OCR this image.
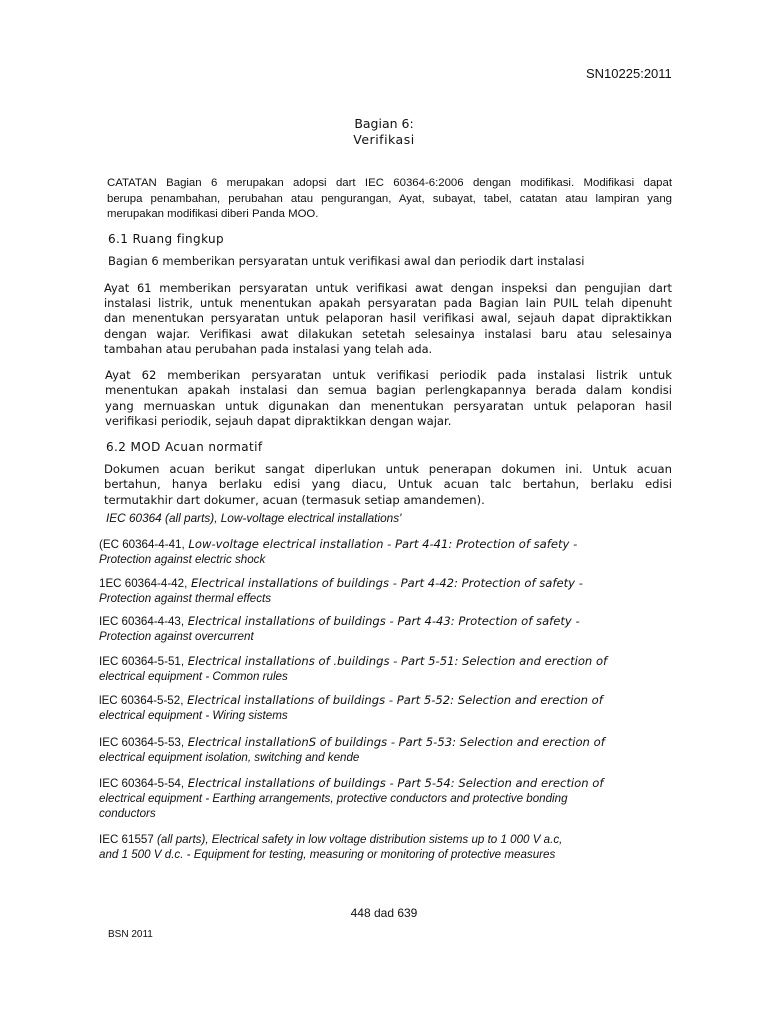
SN10225:2011
Bagian 6:
Verifikasi
CATATAN Bagian 6 merupakan adopsi dart IEC 60364-6:2006 dengan modifikasi. Modifikasi dapat
berupa penambahan, perubahan atau pengurangan, Ayat, subayat, tabel, catatan atau lampiran yang
merupakan modifikasi diberi Panda MOO.
6.1 Ruang fingkup
Bagian 6 memberikan persyaratan untuk verifikasi awal dan periodik dart instalasi
Ayat 61 memberikan persyaratan untuk verifikasi awat dengan inspeksi dan pengujian dart
instalasi listrik, untuk menentukan apakah persyaratan pada Bagian lain PUIL telah dipenuht
dan menentukan persyaratan untuk pelaporan hasil verifikasi awal, sejauh dapat dipraktikkan
dengan wajar. Verifikasi awat dilakukan setetah selesainya instalasi baru atau selesainya
tambahan atau perubahan pada instalasi yang telah ada.
Ayat 62 memberikan persyaratan untuk verifikasi periodik pada instalasi listrik untuk
menentukan apakah instalasi dan semua bagian perlengkapannya berada dalam kondisi
yang mernuaskan untuk digunakan dan menentukan persyaratan untuk pelaporan hasil
verifikasi periodik, sejauh dapat dipraktikkan dengan wajar.
6.2 MOD Acuan normatif
Dokumen acuan berikut sangat diperlukan untuk penerapan dokumen ini. Untuk acuan
bertahun, hanya berlaku edisi yang diacu, Untuk acuan talc bertahun, berlaku edisi
termutakhir dart dokumer, acuan (termasuk setiap amandemen).
IEC 60364 (all parts), Low-voltage electrical installations'
(EC 60364-4-41, Low-voltage electrical installation - Part 4-41: Protection of safety -
Protection against electric shock
1EC 60364-4-42, Electrical installations of buildings - Part 4-42: Protection of safety -
Protection against thermal effects
IEC 60364-4-43, Electrical installations of buildings - Part 4-43: Protection of safety -
Protection against overcurrent
IEC 60364-5-51, Electrical installations of .buildings - Part 5-51: Selection and erection of
electrical equipment - Common rules
lEC 60364-5-52, Electrical installations of buildings - Part 5-52: Selection and erection of
electrical equipment - Wiring sistems
IEC 60364-5-53, Electrical installationS of buildings - Part 5-53: Selection and erection of
electrical equipment isolation, switching and kende
IEC 60364-5-54, Electrical installations of buildings - Part 5-54: Selection and erection of
electrical equipment - Earthing arrangements, protective conductors and protective bonding
conductors
IEC 61557 (all parts), Electrical safety in low voltage distribution sistems up to 1 000 V a.c,
and 1 500 V d.c. - Equipment for testing, measuring or monitoring of protective measures
448 dad 639
BSN 2011
